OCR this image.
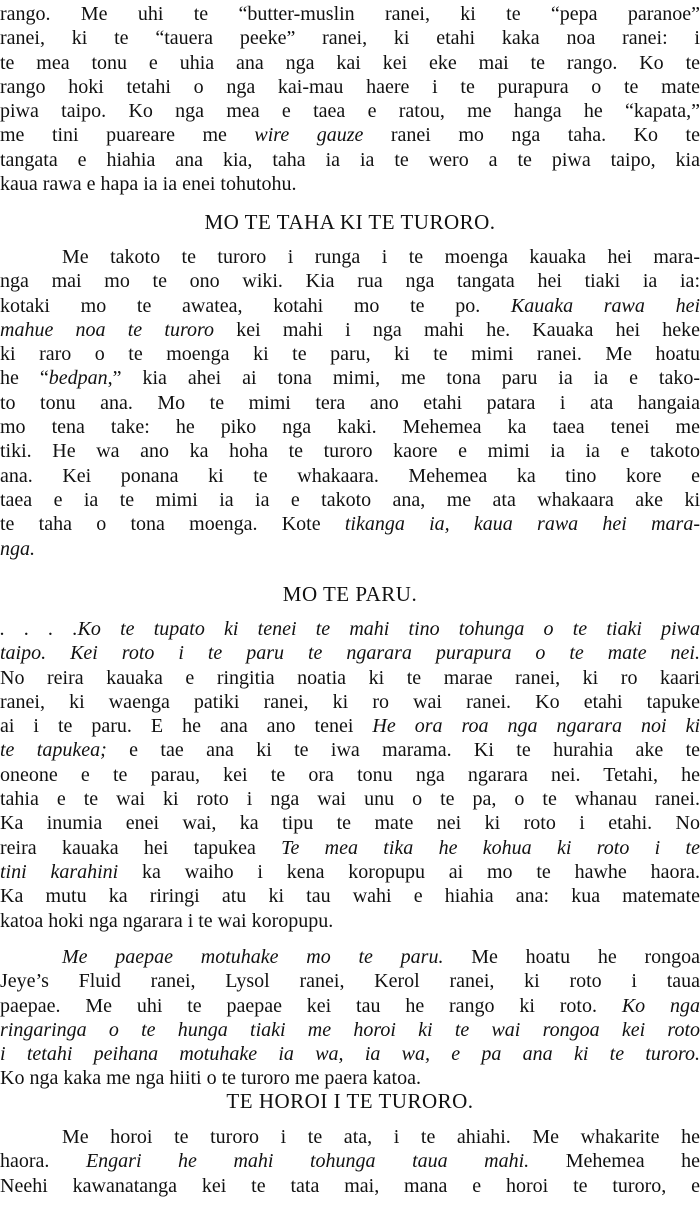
rango. Me uhi te “butter-muslin ranei, ki te “pepa paranoe”

ranei, ki te “tauera peeke” ranei, ki etahi kaka noa ranei: i

te mea tonu e uhia ana nga kai kei eke mai te rango. Ko te

rango hoki tetahi o nga kai-mau haere i te purapura o te mate

piwa taipo. Ko nga mea e taea e ratou, me hanga he “kapata,”

me tini puareare me wire gauze ranei mo nga taha. Ko te

tangata e hiahia ana kia, taha ia ia te wero a te piwa taipo, kia

kaua rawa e hapa ia ia enei tohutohu.

MO TE TAHA KI TE TURORO.

Me takoto te turoro i runga i te moenga kauaka hei mara-

nga mai mo te ono wiki. Kia rua nga tangata hei tiaki ia ia:

kotaki mo te awatea, kotahi mo te po. Kauaka rawa hei

mahue noa te turoro kei mahi i nga mahi he. Kauaka hei heke

ki raro o te moenga ki te paru, ki te mimi ranei. Me hoatu

he “bedpan,” kia ahei ai tona mimi, me tona paru ia ia e tako-

to tonu ana. Mo te mimi tera ano etahi patara i ata hangaia

mo tena take: he piko nga kaki. Mehemea ka taea tenei me

tiki. He wa ano ka hoha te turoro kaore e mimi ia ia e takoto

ana. Kei ponana ki te whakaara. Mehemea ka tino kore e

taea e ia te mimi ia ia e takoto ana, me ata whakaara ake ki

te taha o tona moenga. Kote tikanga ia, kaua rawa hei mara-

nga.

MO TE PARU.

. . . .Ko te tupato ki tenei te mahi tino tohunga o te tiaki piwa

taipo. Kei roto i te paru te ngarara purapura o te mate nei.

No reira kauaka e ringitia noatia ki te marae ranei, ki ro kaari

ranei, ki waenga patiki ranei, ki ro wai ranei. Ko etahi tapuke

ai i te paru. E he ana ano tenei He ora roa nga ngarara noi ki

te tapukea; e tae ana ki te iwa marama. Ki te hurahia ake te

oneone e te parau, kei te ora tonu nga ngarara nei. Tetahi, he

tahia e te wai ki roto i nga wai unu o te pa, o te whanau ranei.

Ka inumia enei wai, ka tipu te mate nei ki roto i etahi. No

reira kauaka hei tapukea Te mea tika he kohua ki roto i te

tini karahini ka waiho i kena koropupu ai mo te hawhe haora.

Ka mutu ka riringi atu ki tau wahi e hiahia ana: kua matemate

katoa hoki nga ngarara i te wai koropupu.

Me paepae motuhake mo te paru. Me hoatu he rongoa

Jeye’s Fluid ranei, Lysol ranei, Kerol ranei, ki roto i taua

paepae. Me uhi te paepae kei tau he rango ki roto. Ko nga

ringaringa o te hunga tiaki me horoi ki te wai rongoa kei roto

i tetahi peihana motuhake ia wa, ia wa, e pa ana ki te turoro.

Ko nga kaka me nga hiiti o te turoro me paera katoa.

TE HOROI I TE TURORO.

Me horoi te turoro i te ata, i te ahiahi. Me whakarite he

haora. Engari he mahi tohunga taua mahi. Mehemea he

Neehi kawanatanga kei te tata mai, mana e horoi te turoro, e
